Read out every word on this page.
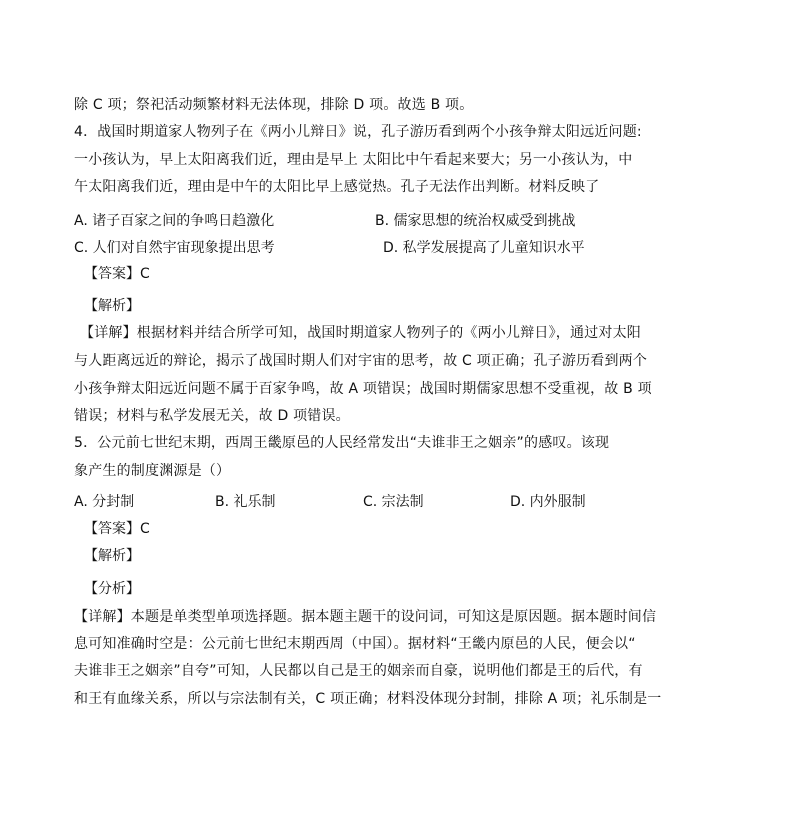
除 C 项；祭祀活动频繁材料无法体现，排除 D 项。故选 B 项。
4．战国时期道家人物列子在《两小儿辩日》说，孔子游历看到两个小孩争辩太阳远近问题:
一小孩认为，早上太阳离我们近，理由是早上 太阳比中午看起来要大；另一小孩认为，中
午太阳离我们近，理由是中午的太阳比早上感觉热。孔子无法作出判断。材料反映了
A. 诸子百家之间的争鸣日趋激化	B. 儒家思想的统治权威受到挑战
C. 人们对自然宇宙现象提出思考	D. 私学发展提高了儿童知识水平
【答案】C
【解析】
【详解】根据材料并结合所学可知，战国时期道家人物列子的《两小儿辩日》，通过对太阳
与人距离远近的辩论，揭示了战国时期人们对宇宙的思考，故 C 项正确；孔子游历看到两个
小孩争辩太阳远近问题不属于百家争鸣，故 A 项错误；战国时期儒家思想不受重视，故 B 项
错误；材料与私学发展无关，故 D 项错误。
5．公元前七世纪末期，西周王畿原邑的人民经常发出“夫谁非王之姻亲”的感叹。该现
象产生的制度渊源是（）
A. 分封制	B. 礼乐制	C. 宗法制	D. 内外服制
【答案】C
【解析】
【分析】
【详解】本题是单类型单项选择题。据本题主题干的设问词，可知这是原因题。据本题时间信
息可知准确时空是：公元前七世纪末期西周（中国）。据材料“王畿内原邑的人民，便会以“
夫谁非王之姻亲”自夸”可知，人民都以自己是王的姻亲而自豪，说明他们都是王的后代，有
和王有血缘关系，所以与宗法制有关，C 项正确；材料没体现分封制，排除 A 项；礼乐制是一
